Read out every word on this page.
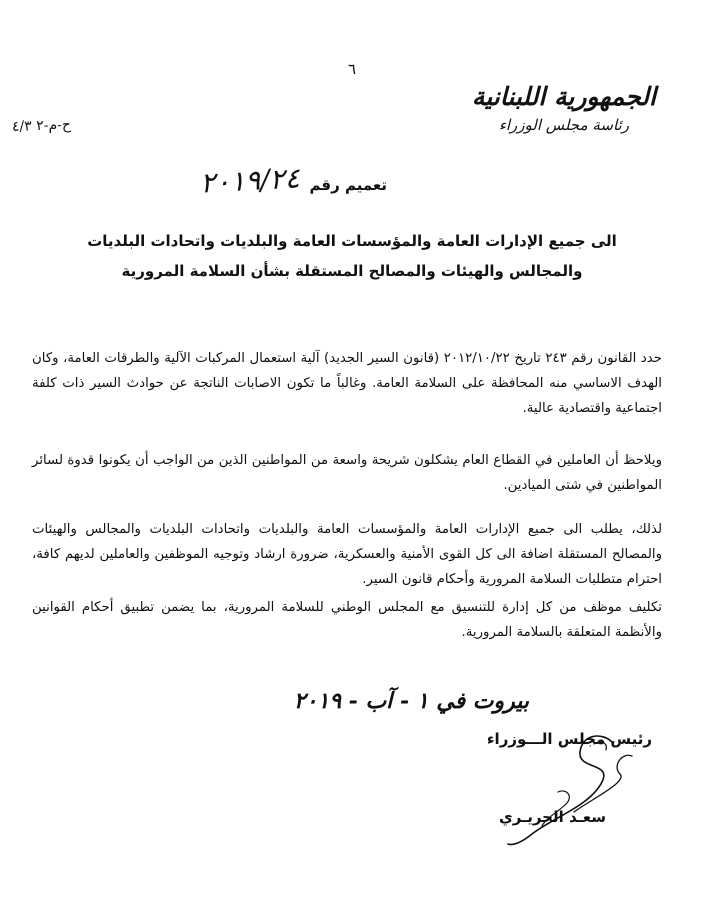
٦
ح-م-٢ ٤/٣
الجمهورية اللبنانية
رئاسة مجلس الوزراء
تعميم رقم
٢٠١٩/٢٤
الى جميع الإدارات العامة والمؤسسات العامة والبلديات واتحادات البلديات
والمجالس والهيئات والمصالح المستقلة بشأن السلامة المرورية
حدد القانون رقم ٢٤٣ تاريخ ٢٠١٢/١٠/٢٢ (قانون السير الجديد) آلية استعمال المركبات الآلية والطرقات العامة، وكان الهدف الاساسي منه المحافظة على السلامة العامة. وغالباً ما تكون الاصابات الناتجة عن حوادث السير ذات كلفة اجتماعية واقتصادية عالية.
ويلاحظ أن العاملين في القطاع العام يشكلون شريحة واسعة من المواطنين الذين من الواجب أن يكونوا قدوة لسائر المواطنين في شتى الميادين.
لذلك، يطلب الى جميع الإدارات العامة والمؤسسات العامة والبلديات واتحادات البلديات والمجالس والهيئات والمصالح المستقلة اضافة الى كل القوى الأمنية والعسكرية، ضرورة ارشاد وتوجيه الموظفين والعاملين لديهم كافة، احترام متطلبات السلامة المرورية وأحكام قانون السير.
تكليف موظف من كل إدارة للتنسيق مع المجلس الوطني للسلامة المرورية، بما يضمن تطبيق أحكام القوانين والأنظمة المتعلقة بالسلامة المرورية.
بيروت في ١ - آب - ٢٠١٩
رئيس مجلس الـــوزراء
سعـد الحريـري
